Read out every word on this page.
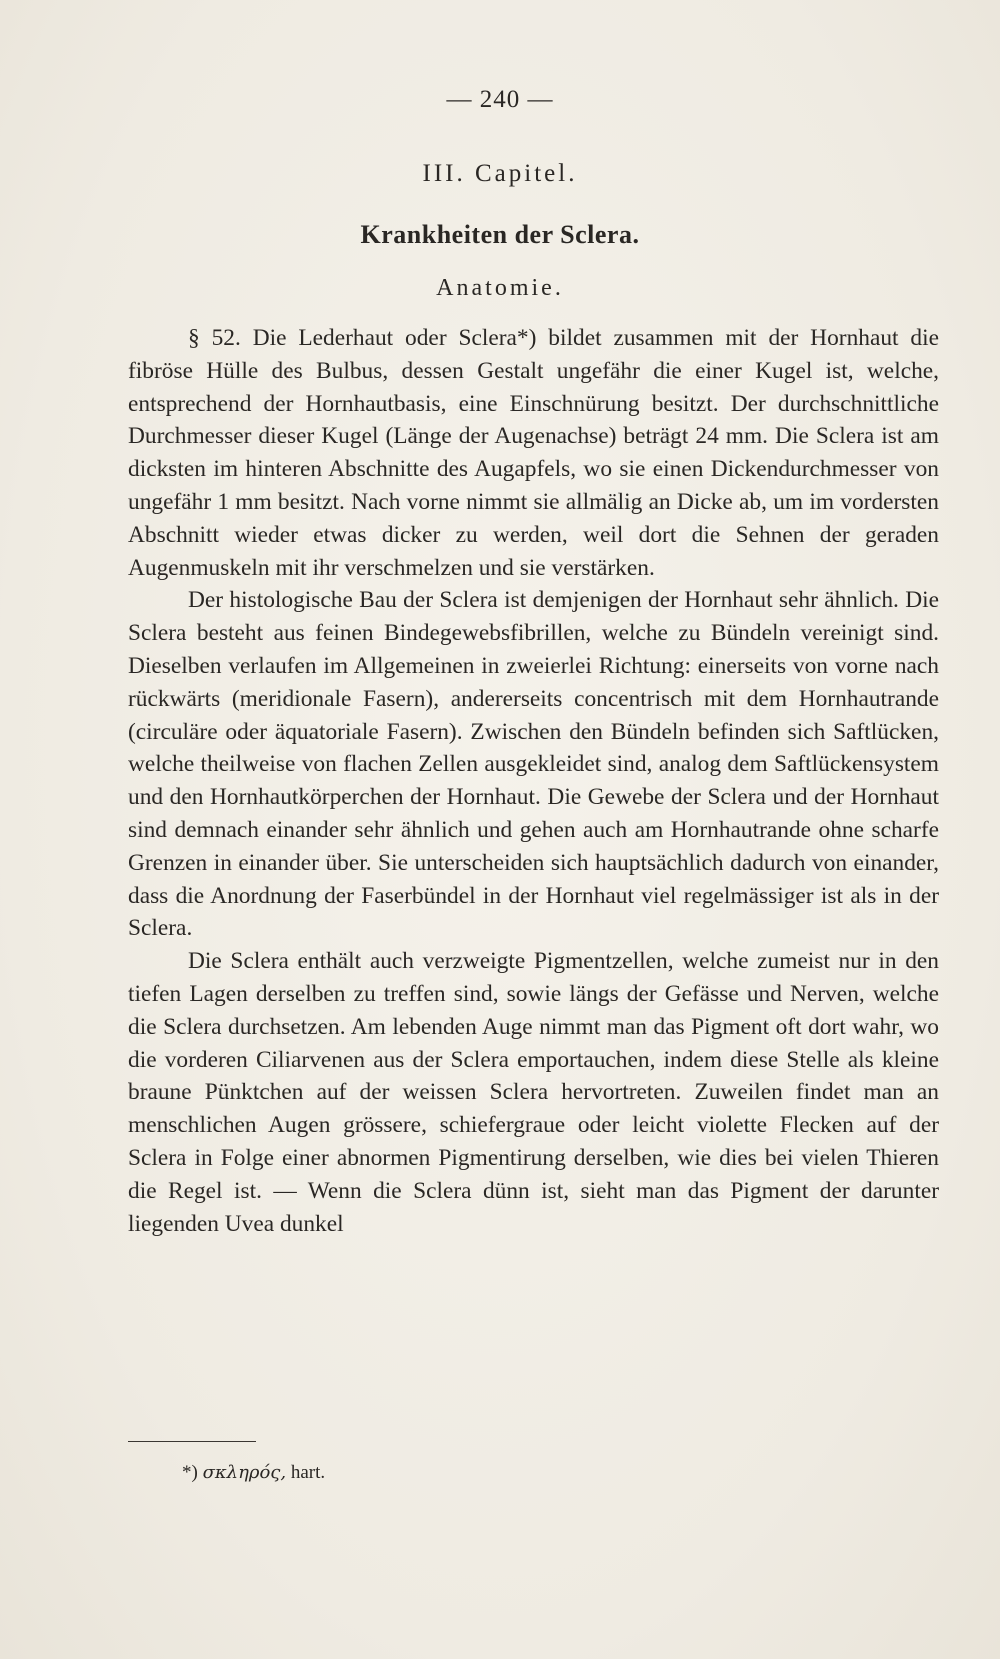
— 240 —
III. Capitel.
Krankheiten der Sclera.
Anatomie.

§ 52. Die Lederhaut oder Sclera*) bildet zusammen mit der Hornhaut die fibröse Hülle des Bulbus, dessen Gestalt ungefähr die einer Kugel ist, welche, entsprechend der Hornhautbasis, eine Einschnürung besitzt. Der durchschnittliche Durchmesser dieser Kugel (Länge der Augenachse) beträgt 24 mm. Die Sclera ist am dicksten im hinteren Abschnitte des Augapfels, wo sie einen Dickendurchmesser von ungefähr 1 mm besitzt. Nach vorne nimmt sie allmälig an Dicke ab, um im vordersten Abschnitt wieder etwas dicker zu werden, weil dort die Sehnen der geraden Augenmuskeln mit ihr verschmelzen und sie verstärken.

Der histologische Bau der Sclera ist demjenigen der Hornhaut sehr ähnlich. Die Sclera besteht aus feinen Bindegewebsfibrillen, welche zu Bündeln vereinigt sind. Dieselben verlaufen im Allgemeinen in zweierlei Richtung: einerseits von vorne nach rückwärts (meridionale Fasern), andererseits concentrisch mit dem Hornhautrande (circuläre oder äquatoriale Fasern). Zwischen den Bündeln befinden sich Saftlücken, welche theilweise von flachen Zellen ausgekleidet sind, analog dem Saftlückensystem und den Hornhautkörperchen der Hornhaut. Die Gewebe der Sclera und der Hornhaut sind demnach einander sehr ähnlich und gehen auch am Hornhautrande ohne scharfe Grenzen in einander über. Sie unterscheiden sich hauptsächlich dadurch von einander, dass die Anordnung der Faserbündel in der Hornhaut viel regelmässiger ist als in der Sclera.

Die Sclera enthält auch verzweigte Pigmentzellen, welche zumeist nur in den tiefen Lagen derselben zu treffen sind, sowie längs der Gefässe und Nerven, welche die Sclera durchsetzen. Am lebenden Auge nimmt man das Pigment oft dort wahr, wo die vorderen Ciliarvenen aus der Sclera emportauchen, indem diese Stelle als kleine braune Pünktchen auf der weissen Sclera hervortreten. Zuweilen findet man an menschlichen Augen grössere, schiefergraue oder leicht violette Flecken auf der Sclera in Folge einer abnormen Pigmentirung derselben, wie dies bei vielen Thieren die Regel ist. — Wenn die Sclera dünn ist, sieht man das Pigment der darunter liegenden Uvea dunkel

*) σκληρός, hart.
